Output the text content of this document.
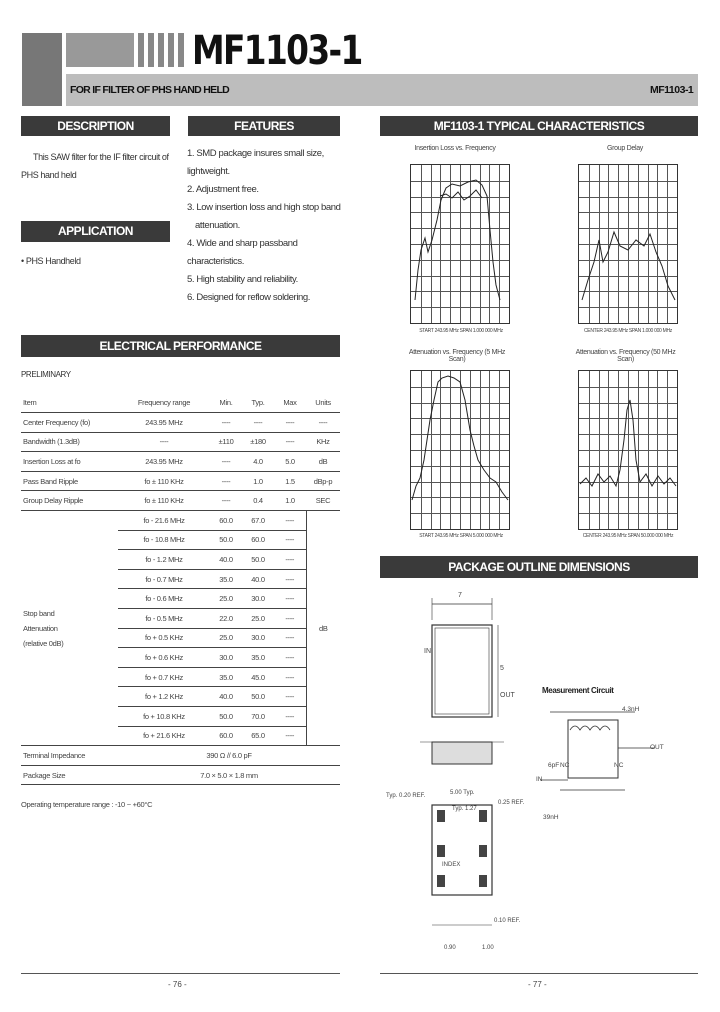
MF1103-1
FOR IF FILTER OF PHS HAND HELD	MF1103-1
DESCRIPTION
This SAW filter for the IF filter circuit of PHS hand held
FEATURES
1. SMD package insures small size, lightweight.
2. Adjustment free.
3. Low insertion loss and high stop band
attenuation.
4. Wide and sharp passband characteristics.
5. High stability and reliability.
6. Designed for reflow soldering.
APPLICATION
• PHS Handheld
ELECTRICAL PERFORMANCE
PRELIMINARY
Item	Frequency range	Min.	Typ.	Max	Units
Center Frequency (fo)	243.95 MHz	----	----	----	----
Bandwidth (1.3dB)	----	±110	±180	----	KHz
Insertion Loss at fo	243.95 MHz	----	4.0	5.0	dB
Pass Band Ripple	fo ± 110 KHz	----	1.0	1.5	dBp-p
Group Delay Ripple	fo ± 110 KHz	----	0.4	1.0	SEC

Stop band
Attenuation
(relative 0dB)	fo - 21.6 MHz	60.0	67.0	----	dB
	fo - 10.8 MHz	50.0	60.0	----	
	fo - 1.2 MHz	40.0	50.0	----	
	fo - 0.7 MHz	35.0	40.0	----	
	fo - 0.6 MHz	25.0	30.0	----	
	fo - 0.5 MHz	22.0	25.0	----	
	fo + 0.5 KHz	25.0	30.0	----	
	fo + 0.6 KHz	30.0	35.0	----	
	fo + 0.7 KHz	35.0	45.0	----	
	fo + 1.2 KHz	40.0	50.0	----	
	fo + 10.8 KHz	50.0	70.0	----	
	fo + 21.6 KHz	60.0	65.0	----	
Terminal Impedance	390 Ω // 6.0 pF				
Package Size	7.0 × 5.0 × 1.8 mm				
Operating temperature range : -10 ~ +60°C
MF1103-1 TYPICAL CHARACTERISTICS
Insertion Loss vs. Frequency
START 243.95 MHz SPAN 1.000 000 MHz
Group Delay
CENTER 243.95 MHz SPAN 1.000 000 MHz
Attenuation vs. Frequency (5 MHz Scan)
START 243.95 MHz SPAN 5.000 000 MHz
Attenuation vs. Frequency (50 MHz Scan)
CENTER 243.95 MHz SPAN 50.000 000 MHz
PACKAGE OUTLINE DIMENSIONS
7
5
OUT
IN
Measurement Circuit
4.3nH
OUT
6pF NC	NC
IN
39nH
Typ. 0.20 REF.	5.00 Typ.
Typ. 1.27
0.25 REF.
INDEX
0.90	1.00
0.10 REF.
- 76 -	- 77 -
